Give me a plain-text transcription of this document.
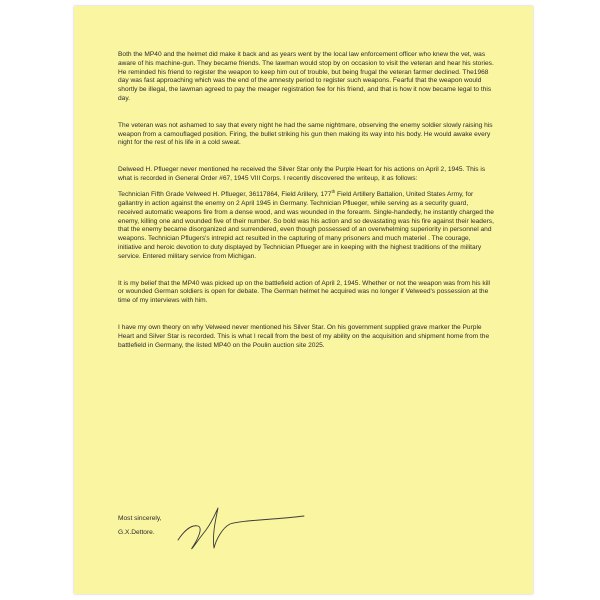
Both the MP40 and the helmet did make it back and as years went by the local law enforcement officer who knew the vet, was aware of his machine-gun. They became friends. The lawman would stop by on occasion to visit the veteran and hear his stories. He reminded his friend to register the weapon to keep him out of trouble, but being frugal the veteran farmer declined. The1968 day was fast approaching which was the end of the amnesty period to register such weapons. Fearful that the weapon would shortly be illegal, the lawman agreed to pay the meager registration fee for his friend, and that is how it now became legal to this day.

The veteran was not ashamed to say that every night he had the same nightmare, observing the enemy soldier slowly raising his weapon from a camouflaged position. Firing, the bullet striking his gun then making its way into his body. He would awake every night for the rest of his life in a cold sweat.

Delweed H. Pflueger never mentioned he received the Silver Star only the Purple Heart for his actions on April 2, 1945. This is what is recorded in General Order #67, 1945 VIII Corps. I recently discovered the writeup, it as follows:

Technician Fifth Grade Velweed H. Pflueger, 36117864, Field Arillery, 177th Field Artillery Battalion, United States Army, for gallantry in action against the enemy on 2 April 1945 in Germany. Technician Pflueger, while serving as a security guard, received automatic weapons fire from a dense wood, and was wounded in the forearm. Single-handedly, he instantly charged the enemy, killing one and wounded five of their number. So bold was his action and so devastating was his fire against their leaders, that the enemy became disorganized and surrendered, even though possessed of an overwhelming superiority in personnel and weapons. Technician Pflugers's intrepid act resulted in the capturing of many prisoners and much materiel . The courage, initiative and heroic devotion to duty displayed by Technician Pflueger are in keeping with the highest traditions of the military service. Entered military service from Michigan.

It is my belief that the MP40 was picked up on the battlefield action of April 2, 1945. Whether or not the weapon was from his kill or wounded German soldiers is open for debate. The German helmet he acquired was no longer if Velweed's possession at the time of my interviews with him.

I have my own theory on why Velweed never mentioned his Silver Star. On his government supplied grave marker the Purple Heart and Silver Star is recorded. This is what I recall from the best of my ability on the acquisition and shipment home from the battlefield in Germany, the listed MP40 on the Poulin auction site 2025.

Most sincerely,
G.X.Dettore.
